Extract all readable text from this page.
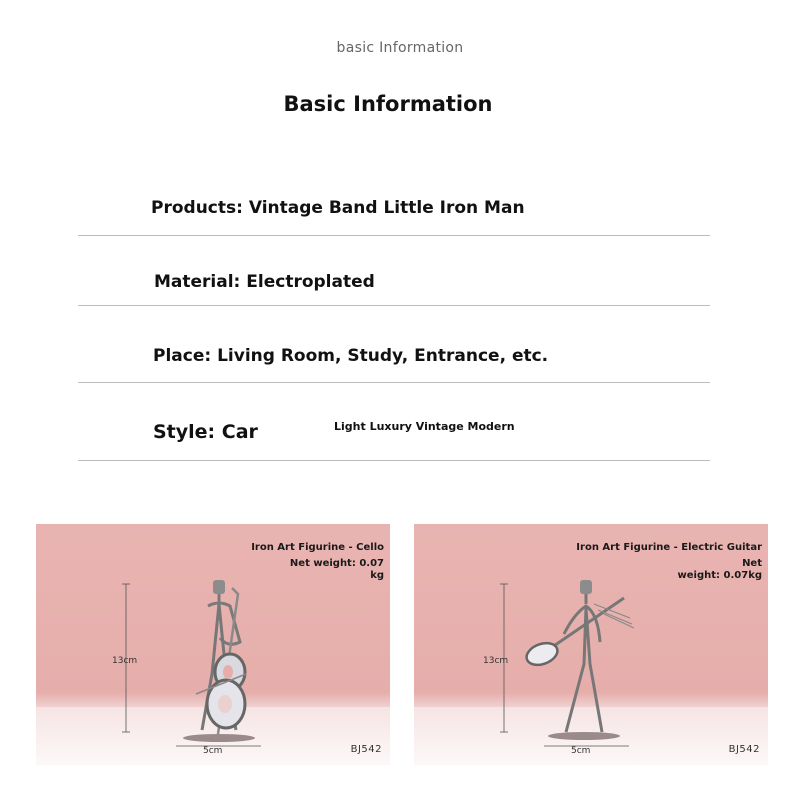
basic Information
Basic Information
Products: Vintage Band Little Iron Man
Material: Electroplated
Place: Living Room, Study, Entrance, etc.
Style: Car	Light Luxury Vintage Modern
Iron Art Figurine - Cello
Net weight: 0.07
kg
13cm
5cm	BJ542
Iron Art Figurine - Electric Guitar
Net
weight: 0.07kg
13cm
5cm	BJ542
